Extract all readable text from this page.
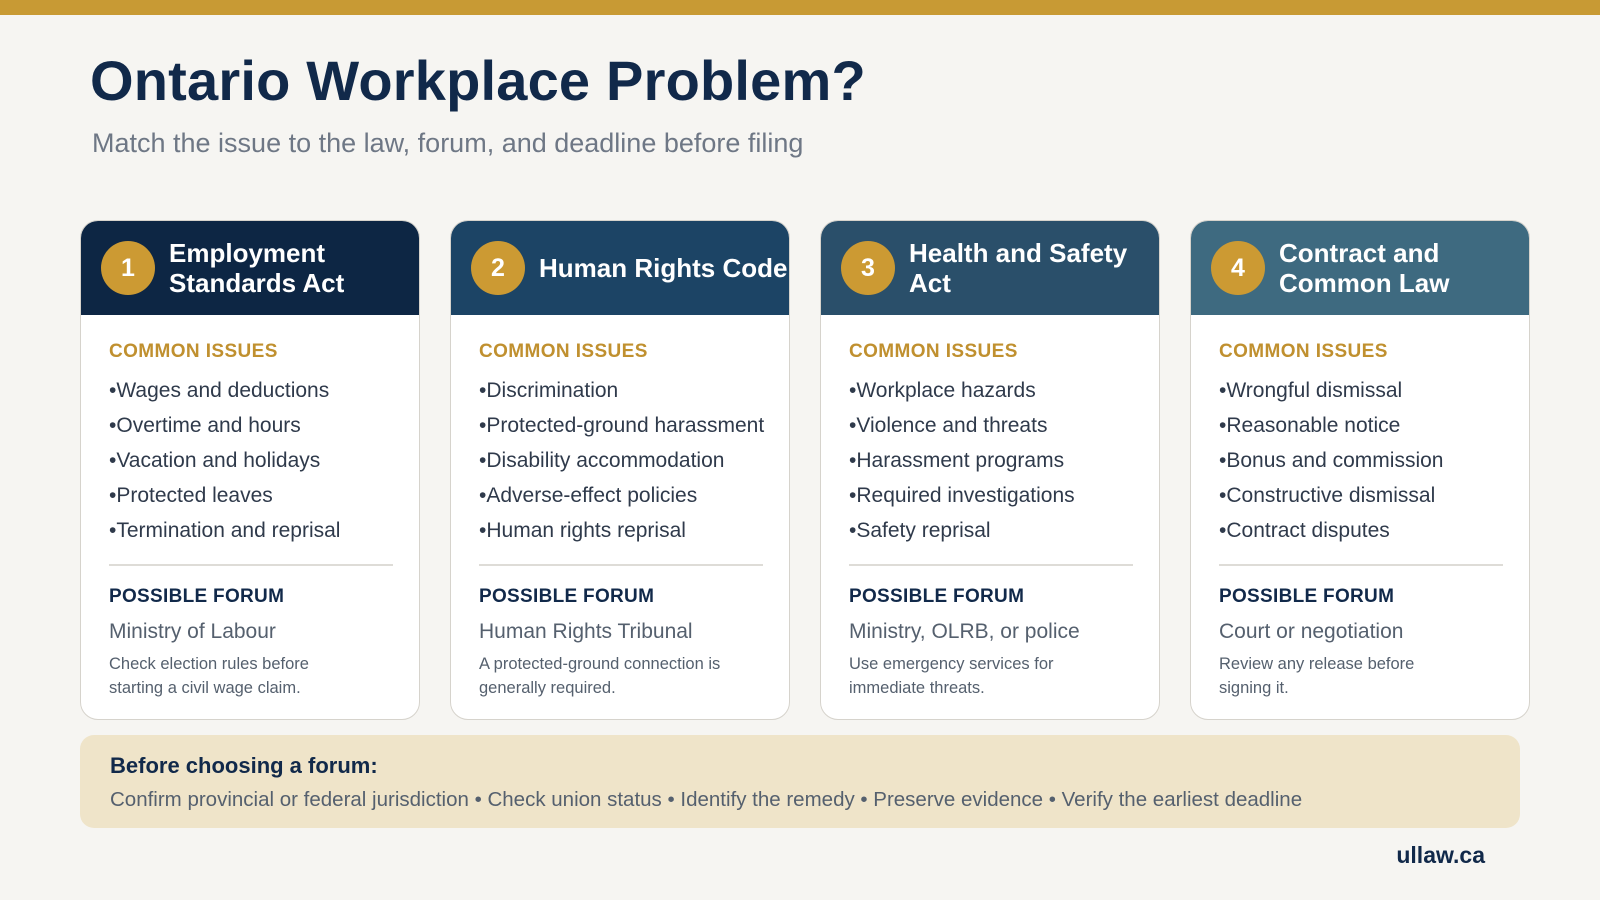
Ontario Workplace Problem?
Match the issue to the law, forum, and deadline before filing
1	Employment Standards Act
COMMON ISSUES
• Wages and deductions
• Overtime and hours
• Vacation and holidays
• Protected leaves
• Termination and reprisal
POSSIBLE FORUM
Ministry of Labour
Check election rules before starting a civil wage claim.
2	Human Rights Code
COMMON ISSUES
• Discrimination
• Protected-ground harassment
• Disability accommodation
• Adverse-effect policies
• Human rights reprisal
POSSIBLE FORUM
Human Rights Tribunal
A protected-ground connection is generally required.
3	Health and Safety Act
COMMON ISSUES
• Workplace hazards
• Violence and threats
• Harassment programs
• Required investigations
• Safety reprisal
POSSIBLE FORUM
Ministry, OLRB, or police
Use emergency services for immediate threats.
4	Contract and Common Law
COMMON ISSUES
• Wrongful dismissal
• Reasonable notice
• Bonus and commission
• Constructive dismissal
• Contract disputes
POSSIBLE FORUM
Court or negotiation
Review any release before signing it.
Before choosing a forum:
Confirm provincial or federal jurisdiction • Check union status • Identify the remedy • Preserve evidence • Verify the earliest deadline
ullaw.ca
